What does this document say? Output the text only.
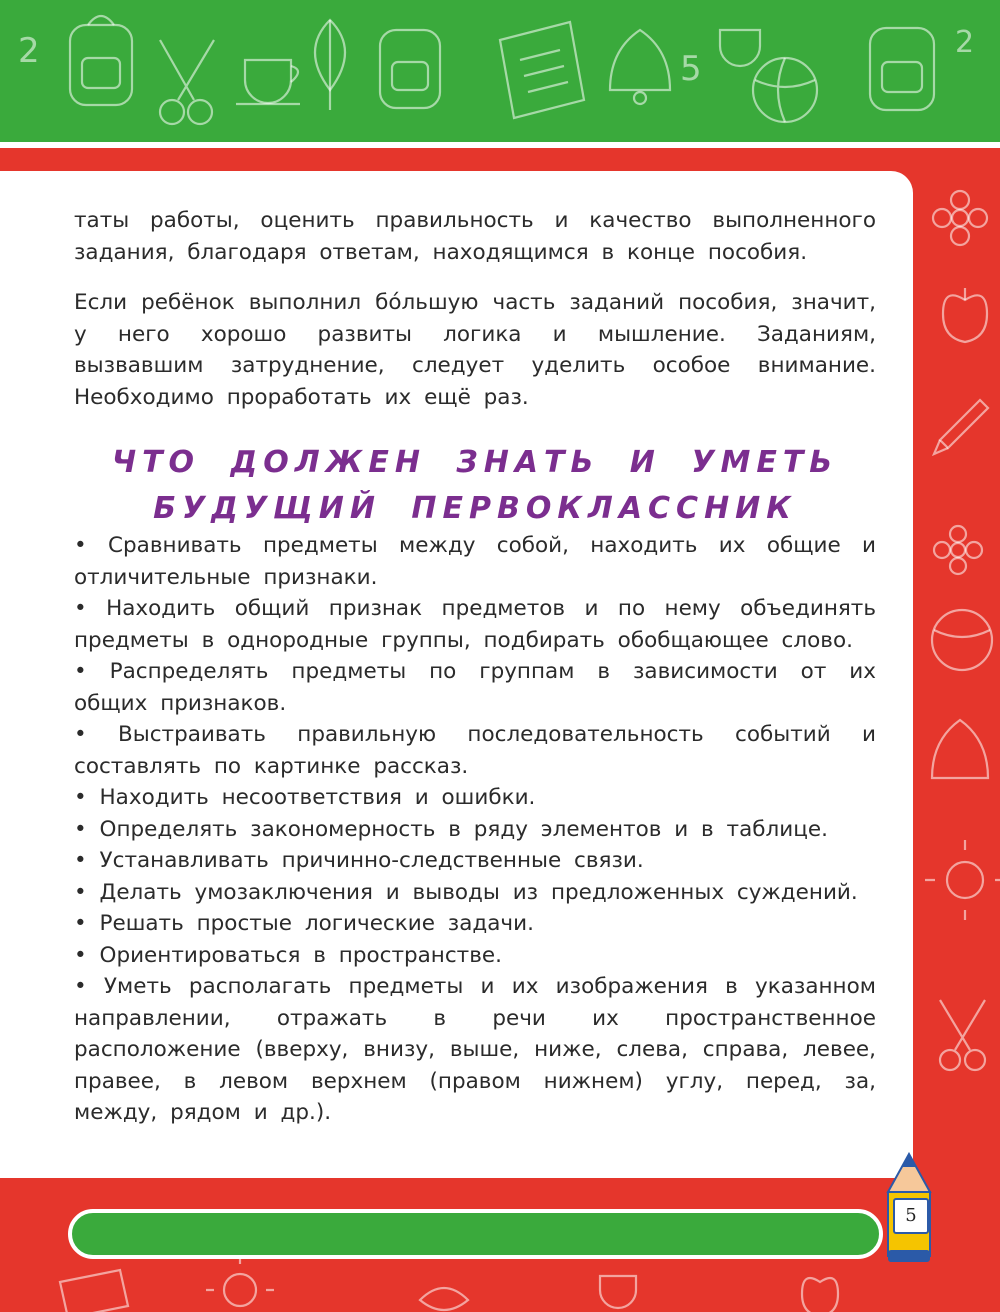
2	2
5

таты работы, оценить правильность и качество выполненного задания, благодаря ответам, находящимся в конце пособия.

Если ребёнок выполнил бóльшую часть заданий пособия, значит, у него хорошо развиты логика и мышление. Заданиям, вызвавшим затруднение, следует уделить особое внимание. Необходимо проработать их ещё раз.

ЧТО ДОЛЖЕН ЗНАТЬ И УМЕТЬ
БУДУЩИЙ ПЕРВОКЛАССНИК

• Сравнивать предметы между собой, находить их общие и отличительные признаки.

• Находить общий признак предметов и по нему объединять предметы в однородные группы, подбирать обобщающее слово.

• Распределять предметы по группам в зависимости от их общих признаков.

• Выстраивать правильную последовательность событий и составлять по картинке рассказ.

• Находить несоответствия и ошибки.

• Определять закономерность в ряду элементов и в таблице.

• Устанавливать причинно-следственные связи.

• Делать умозаключения и выводы из предложенных суждений.

• Решать простые логические задачи.

• Ориентироваться в пространстве.

• Уметь располагать предметы и их изображения в указанном направлении, отражать в речи их пространственное расположение (вверху, внизу, выше, ниже, слева, справа, левее, правее, в левом верхнем (правом нижнем) углу, перед, за, между, рядом и др.).

5
